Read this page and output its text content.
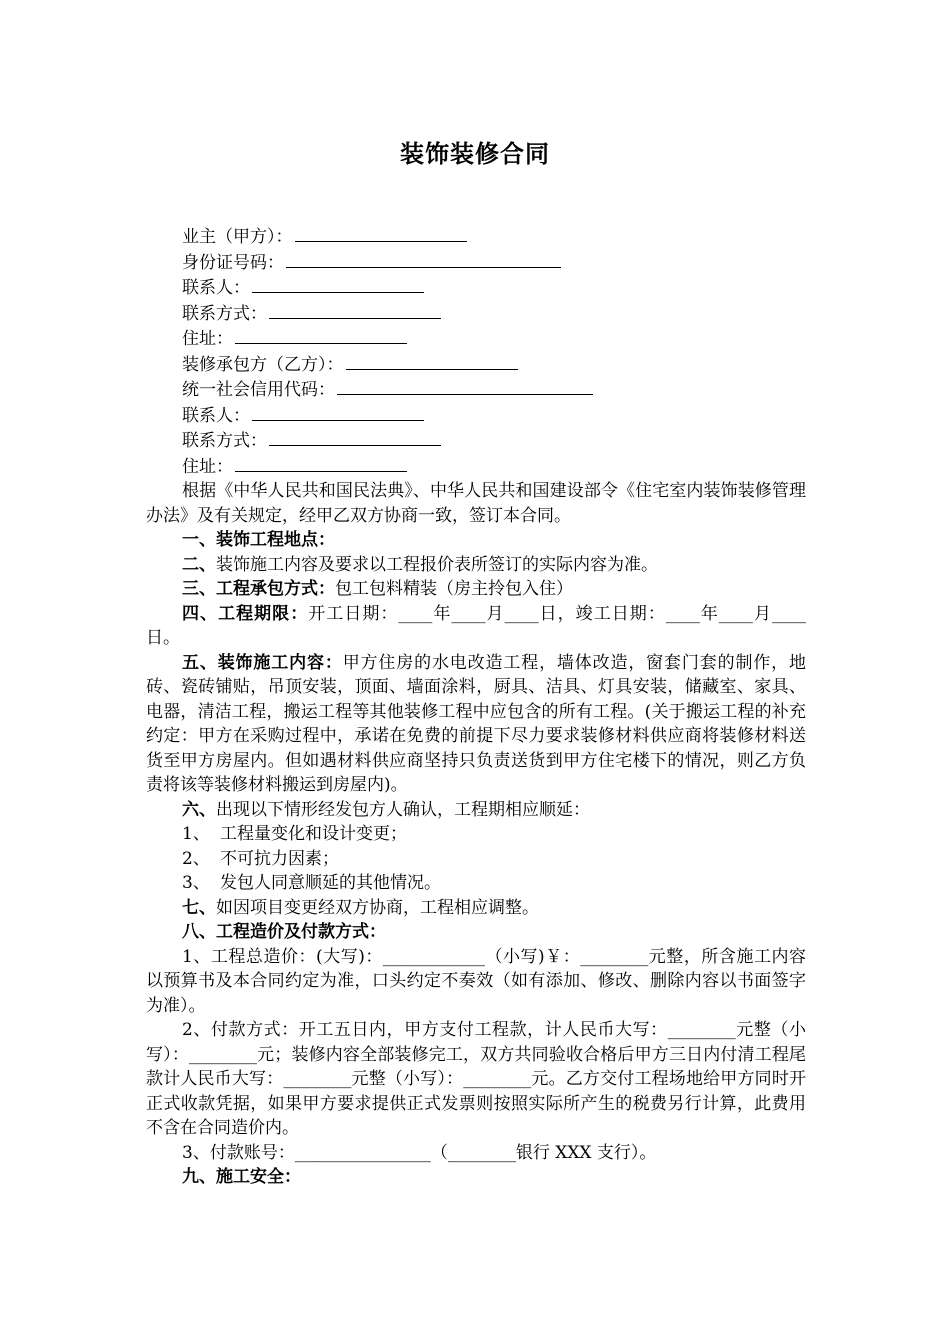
装饰装修合同
业主（甲方）：
身份证号码：
联系人：
联系方式：
住址：
装修承包方（乙方）：
统一社会信用代码：
联系人：
联系方式：
住址：

根据《中华人民共和国民法典》、中华人民共和国建设部令《住宅室内装饰装修管理办法》及有关规定，经甲乙双方协商一致，签订本合同。

一、装饰工程地点：

二、装饰施工内容及要求以工程报价表所签订的实际内容为准。

三、工程承包方式：包工包料精装（房主拎包入住）

四、工程期限：开工日期：____年____月____日，竣工日期：____年____月____日。

五、装饰施工内容：甲方住房的水电改造工程，墙体改造，窗套门套的制作，地砖、瓷砖铺贴，吊顶安装，顶面、墙面涂料，厨具、洁具、灯具安装，储藏室、家具、电器，清洁工程，搬运工程等其他装修工程中应包含的所有工程。(关于搬运工程的补充约定：甲方在采购过程中，承诺在免费的前提下尽力要求装修材料供应商将装修材料送货至甲方房屋内。但如遇材料供应商坚持只负责送货到甲方住宅楼下的情况，则乙方负责将该等装修材料搬运到房屋内)。

六、出现以下情形经发包方人确认，工程期相应顺延：

1、 工程量变化和设计变更；
2、 不可抗力因素；
3、 发包人同意顺延的其他情况。

七、如因项目变更经双方协商，工程相应调整。

八、工程造价及付款方式：

1、工程总造价：(大写)：____________（小写)￥：________元整，所含施工内容以预算书及本合同约定为准，口头约定不奏效（如有添加、修改、删除内容以书面签字为准）。

2、付款方式：开工五日内，甲方支付工程款，计人民币大写：________元整（小写）：________元；装修内容全部装修完工，双方共同验收合格后甲方三日内付清工程尾款计人民币大写：________元整（小写）：________元。乙方交付工程场地给甲方同时开正式收款凭据，如果甲方要求提供正式发票则按照实际所产生的税费另行计算，此费用不含在合同造价内。

3、付款账号：________________（________银行 XXX 支行）。

九、施工安全：
